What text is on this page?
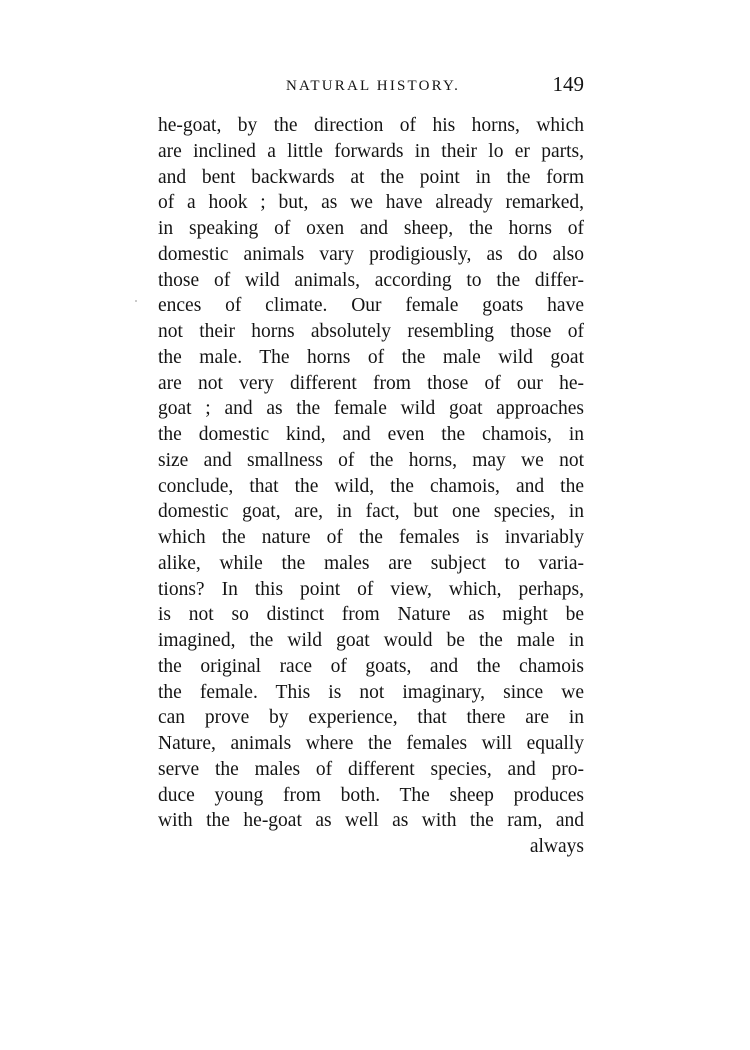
NATURAL HISTORY.	149
he-goat, by the direction of his horns, which
are inclined a little forwards in their lo er parts,
and bent backwards at the point in the form
of a hook ; but, as we have already remarked,
in speaking of oxen and sheep, the horns of
domestic animals vary prodigiously, as do also
those of wild animals, according to the differ-
ences of climate. Our female goats have
not their horns absolutely resembling those of
the male. The horns of the male wild goat
are not very different from those of our he-
goat ; and as the female wild goat approaches
the domestic kind, and even the chamois, in
size and smallness of the horns, may we not
conclude, that the wild, the chamois, and the
domestic goat, are, in fact, but one species, in
which the nature of the females is invariably
alike, while the males are subject to varia-
tions? In this point of view, which, perhaps,
is not so distinct from Nature as might be
imagined, the wild goat would be the male in
the original race of goats, and the chamois
the female. This is not imaginary, since we
can prove by experience, that there are in
Nature, animals where the females will equally
serve the males of different species, and pro-
duce young from both. The sheep produces
with the he-goat as well as with the ram, and
always
